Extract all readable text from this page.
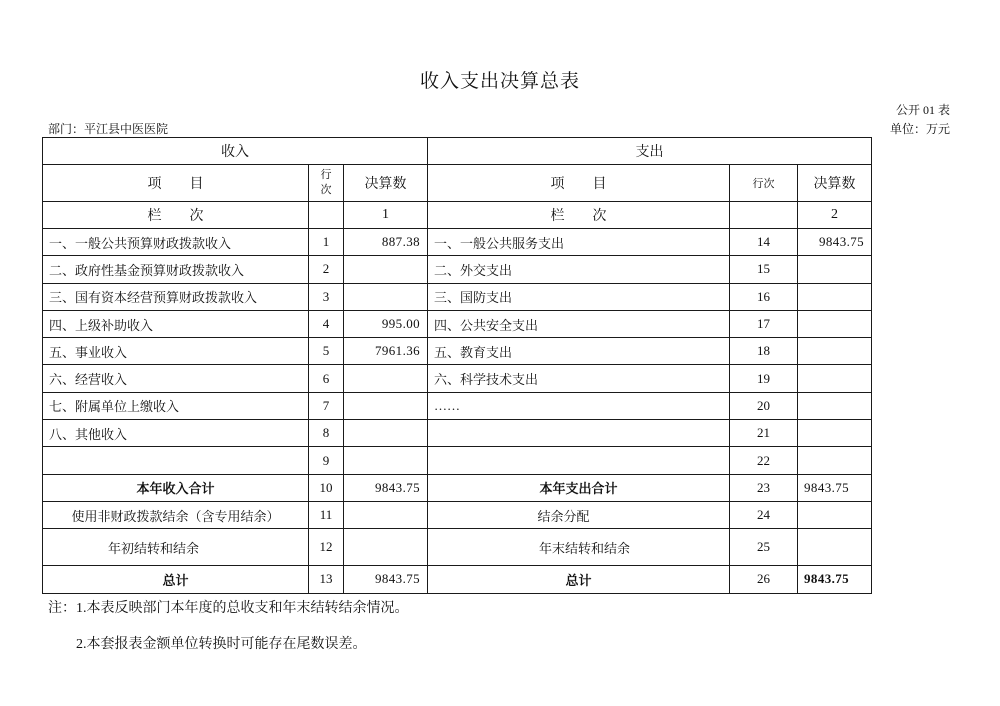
收入支出决算总表
公开 01 表
部门：平江县中医医院	单位：万元
收入			支出		
项　　目	行次	决算数	项　　目	行次	决算数
栏　　次		1	栏　　次		2
一、一般公共预算财政拨款收入	1	887.38	一、一般公共服务支出	14	9843.75
二、政府性基金预算财政拨款收入	2		二、外交支出	15	
三、国有资本经营预算财政拨款收入	3		三、国防支出	16	
四、上级补助收入	4	995.00	四、公共安全支出	17	
五、事业收入	5	7961.36	五、教育支出	18	
六、经营收入	6		六、科学技术支出	19	
七、附属单位上缴收入	7		……	20	
八、其他收入	8			21	
	9			22	
本年收入合计	10	9843.75	本年支出合计	23	9843.75
使用非财政拨款结余（含专用结余）	11		结余分配	24	
年初结转和结余	12		年末结转和结余	25	
总计	13	9843.75	总计	26	9843.75
注：1.本表反映部门本年度的总收支和年末结转结余情况。
2.本套报表金额单位转换时可能存在尾数误差。
